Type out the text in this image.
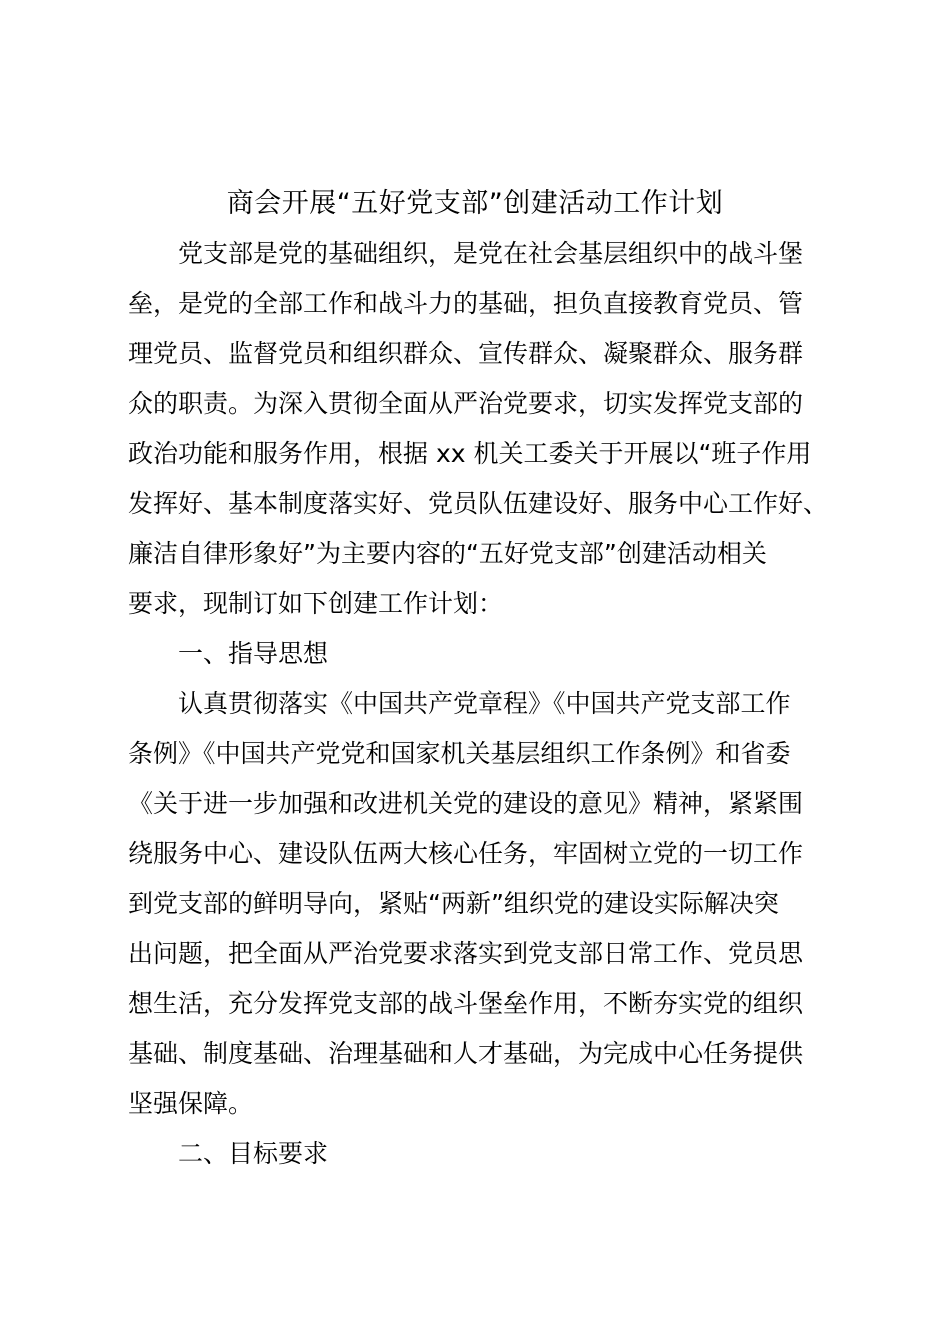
商会开展“五好党支部”创建活动工作计划
党支部是党的基础组织，是党在社会基层组织中的战斗堡
垒，是党的全部工作和战斗力的基础，担负直接教育党员、管
理党员、监督党员和组织群众、宣传群众、凝聚群众、服务群
众的职责。为深入贯彻全面从严治党要求，切实发挥党支部的
政治功能和服务作用，根据 xx 机关工委关于开展以“班子作用
发挥好、基本制度落实好、党员队伍建设好、服务中心工作好、
廉洁自律形象好”为主要内容的“五好党支部”创建活动相关
要求，现制订如下创建工作计划：
一、指导思想
认真贯彻落实《中国共产党章程》《中国共产党支部工作
条例》《中国共产党党和国家机关基层组织工作条例》和省委
《关于进一步加强和改进机关党的建设的意见》精神，紧紧围
绕服务中心、建设队伍两大核心任务，牢固树立党的一切工作
到党支部的鲜明导向，紧贴“两新”组织党的建设实际解决突
出问题，把全面从严治党要求落实到党支部日常工作、党员思
想生活，充分发挥党支部的战斗堡垒作用，不断夯实党的组织
基础、制度基础、治理基础和人才基础，为完成中心任务提供
坚强保障。
二、目标要求
